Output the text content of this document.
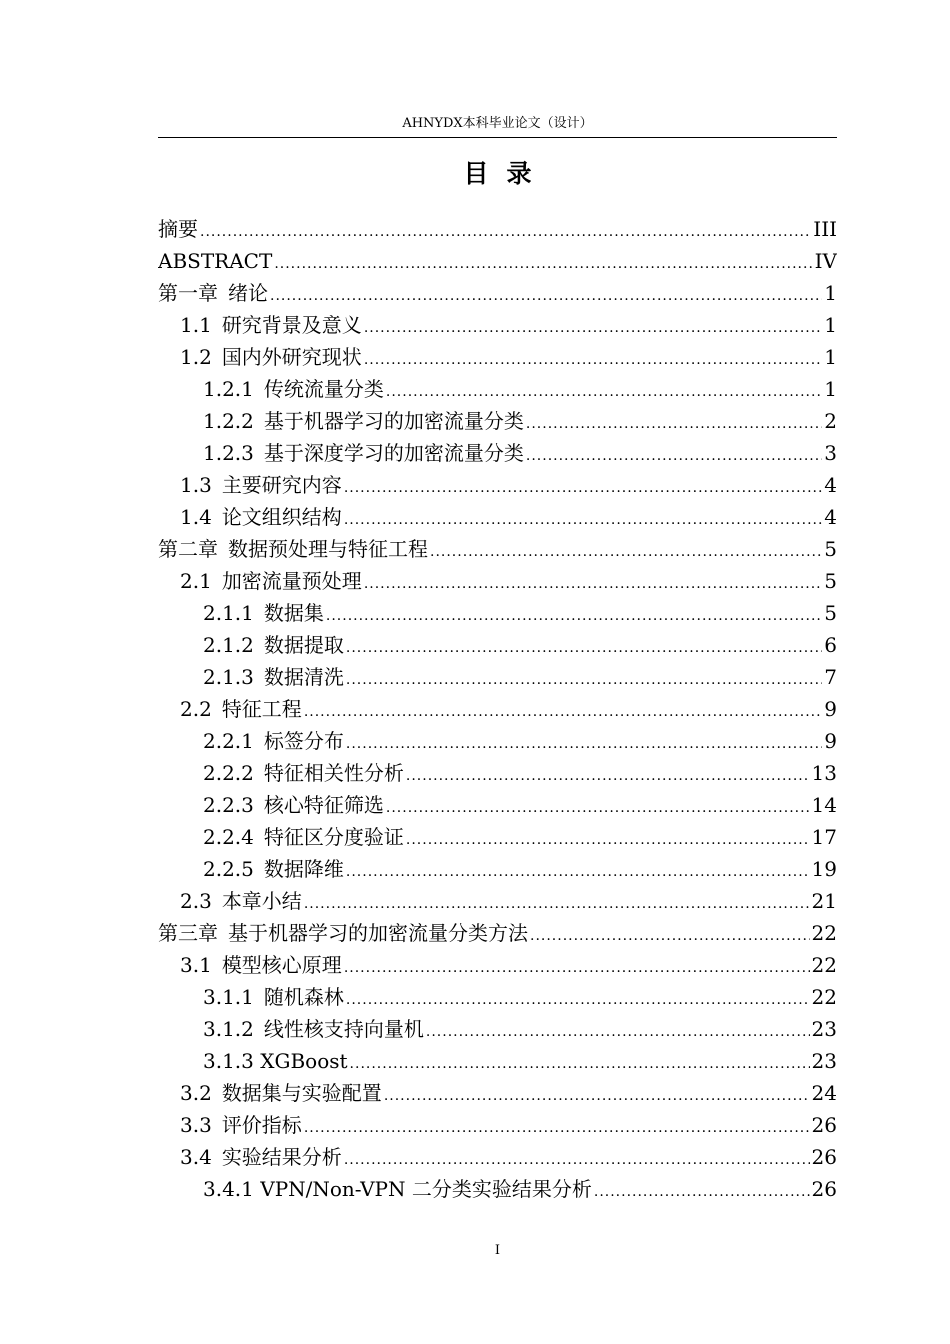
AHNYDX本科毕业论文（设计）
目录
摘要 .....	III
ABSTRACT .....	IV
第一章 绪论 .....	1
1.1 研究背景及意义 .....	1
1.2 国内外研究现状 .....	1
1.2.1 传统流量分类 .....	1
1.2.2 基于机器学习的加密流量分类 .....	2
1.2.3 基于深度学习的加密流量分类 .....	3
1.3 主要研究内容 .....	4
1.4 论文组织结构 .....	4
第二章 数据预处理与特征工程 .....	5
2.1 加密流量预处理 .....	5
2.1.1 数据集 .....	5
2.1.2 数据提取 .....	6
2.1.3 数据清洗 .....	7
2.2 特征工程 .....	9
2.2.1 标签分布 .....	9
2.2.2 特征相关性分析 .....	13
2.2.3 核心特征筛选 .....	14
2.2.4 特征区分度验证 .....	17
2.2.5 数据降维 .....	19
2.3 本章小结 .....	21
第三章 基于机器学习的加密流量分类方法 .....	22
3.1 模型核心原理 .....	22
3.1.1 随机森林 .....	22
3.1.2 线性核支持向量机 .....	23
3.1.3 XGBoost .....	23
3.2 数据集与实验配置 .....	24
3.3 评价指标 .....	26
3.4 实验结果分析 .....	26
3.4.1 VPN/Non-VPN 二分类实验结果分析 .....	26
I
